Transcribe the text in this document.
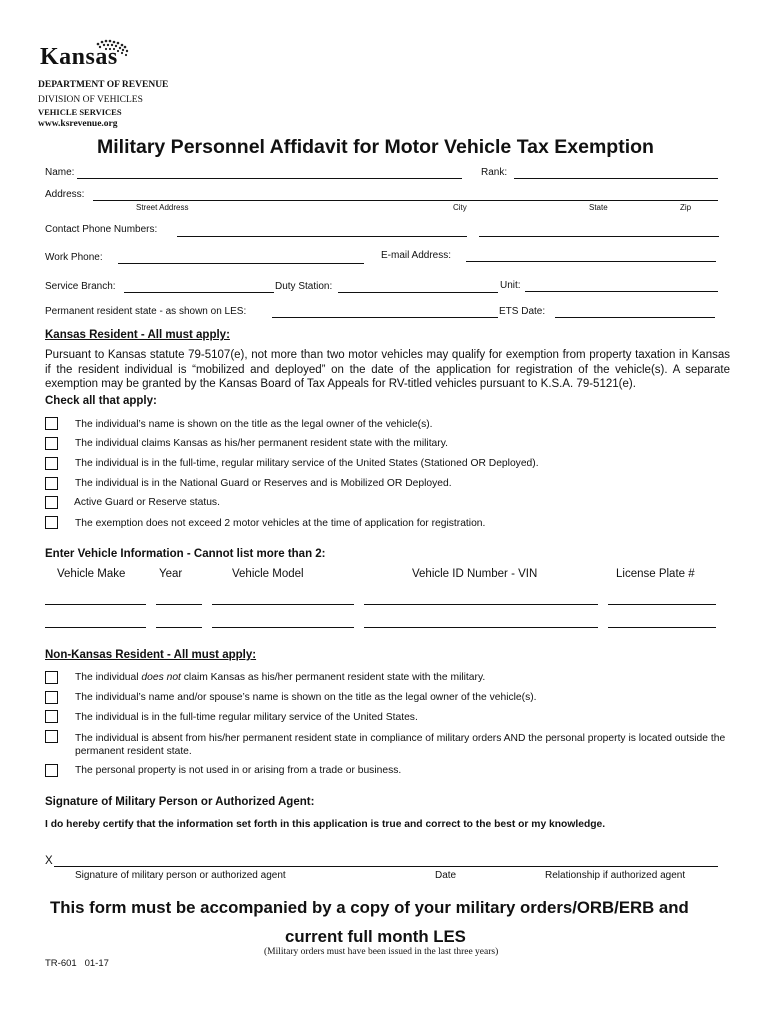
Kansas
DEPARTMENT OF REVENUE
DIVISION OF VEHICLES
VEHICLE SERVICES
www.ksrevenue.org
Military Personnel Affidavit for Motor Vehicle Tax Exemption
Name:	Rank:
Address:
Street Address	City	State	Zip
Contact Phone Numbers:
Work Phone:	E-mail Address:
Service Branch:	Duty Station:	Unit:
Permanent resident state - as shown on LES:	ETS Date:
Kansas Resident - All must apply:
Pursuant to Kansas statute 79-5107(e), not more than two motor vehicles may qualify for exemption from property taxation in Kansas if the resident individual is “mobilized and deployed” on the date of the application for registration of the vehicle(s). A separate exemption may be granted by the Kansas Board of Tax Appeals for RV-titled vehicles pursuant to K.S.A. 79-5121(e).
Check all that apply:
The individual’s name is shown on the title as the legal owner of the vehicle(s).
The individual claims Kansas as his/her permanent resident state with the military.
The individual is in the full-time, regular military service of the United States (Stationed OR Deployed).
The individual is in the National Guard or Reserves and is Mobilized OR Deployed.
Active Guard or Reserve status.
The exemption does not exceed 2 motor vehicles at the time of application for registration.
Enter Vehicle Information - Cannot list more than 2:
Vehicle Make	Year	Vehicle Model	Vehicle ID Number - VIN	License Plate #
Non-Kansas Resident - All must apply:
The individual does not claim Kansas as his/her permanent resident state with the military.
The individual’s name and/or spouse’s name is shown on the title as the legal owner of the vehicle(s).
The individual is in the full-time regular military service of the United States.
The individual is absent from his/her permanent resident state in compliance of military orders AND the personal property is located outside the permanent resident state.
The personal property is not used in or arising from a trade or business.
Signature of Military Person or Authorized Agent:
I do hereby certify that the information set forth in this application is true and correct to the best or my knowledge.
X
Signature of military person or authorized agent	Date	Relationship if authorized agent
This form must be accompanied by a copy of your military orders/ORB/ERB and
current full month LES
(Military orders must have been issued in the last three years)
TR-601   01-17
